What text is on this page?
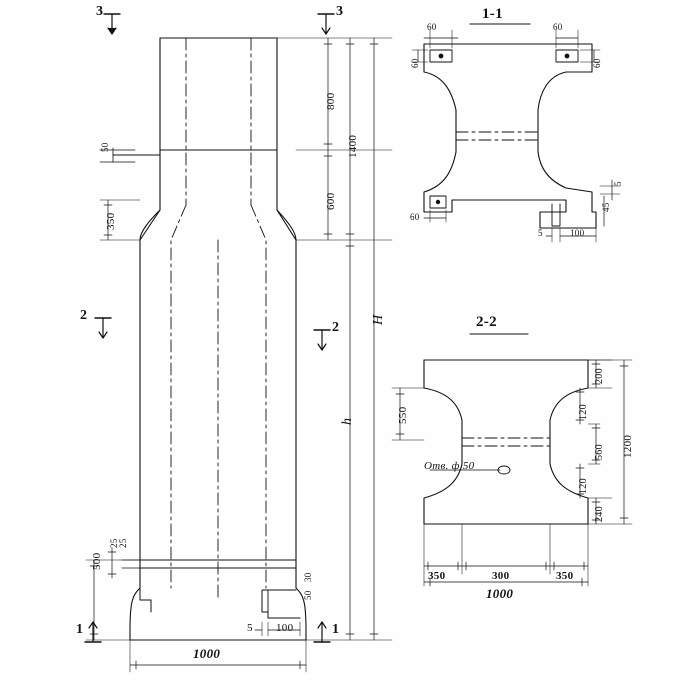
3	3
2
2
1	1
800
600
1400
h
H
350
500
25 25
50
30
50
5 100
1000
1-1
60	60
60	60
60
5	100
5
45
2-2
550
200
120
560
120
240
1200
350	300	350
1000
Отв. ф 50
